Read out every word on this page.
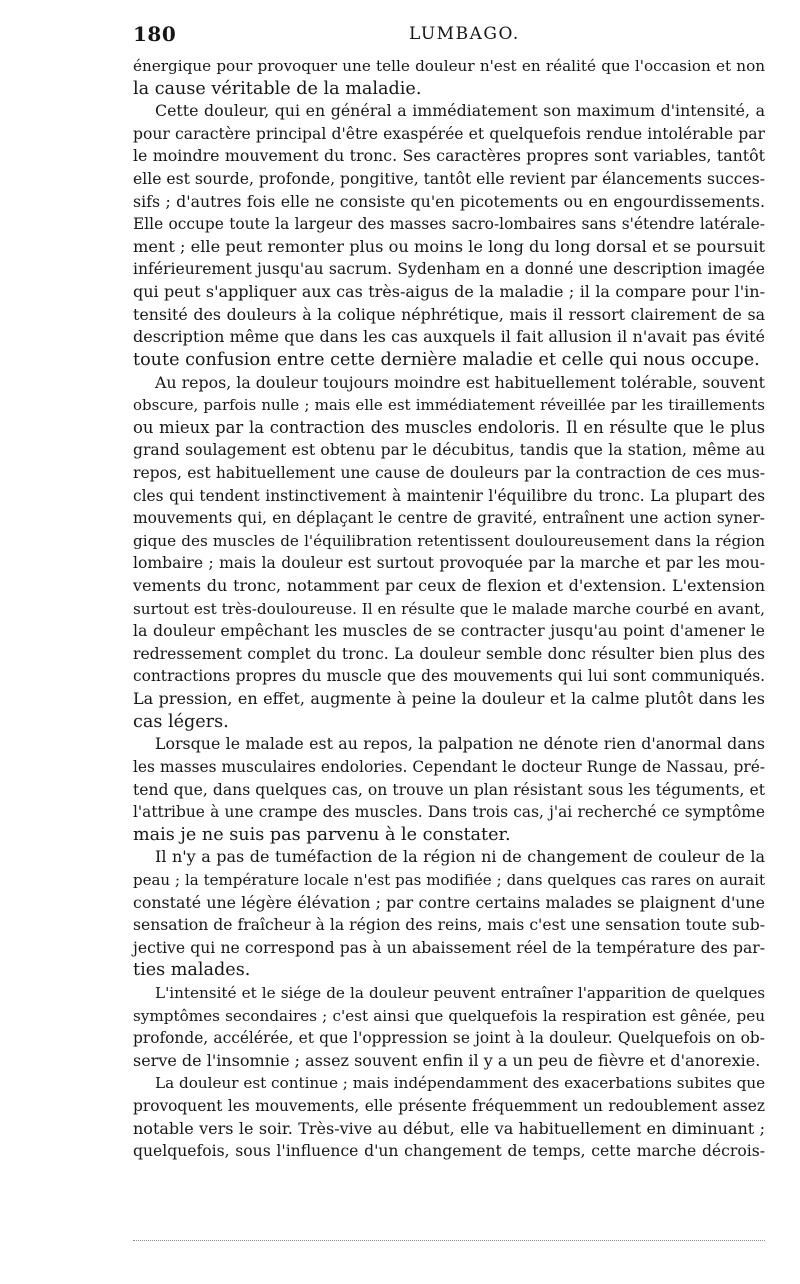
180	LUMBAGO.
énergique pour provoquer une telle douleur n'est en réalité que l'occasion et non
la cause véritable de la maladie.
Cette douleur, qui en général a immédiatement son maximum d'intensité, a
pour caractère principal d'être exaspérée et quelquefois rendue intolérable par
le moindre mouvement du tronc. Ses caractères propres sont variables, tantôt
elle est sourde, profonde, pongitive, tantôt elle revient par élancements succes-
sifs ; d'autres fois elle ne consiste qu'en picotements ou en engourdissements.
Elle occupe toute la largeur des masses sacro-lombaires sans s'étendre latérale-
ment ; elle peut remonter plus ou moins le long du long dorsal et se poursuit
inférieurement jusqu'au sacrum. Sydenham en a donné une description imagée
qui peut s'appliquer aux cas très-aigus de la maladie ; il la compare pour l'in-
tensité des douleurs à la colique néphrétique, mais il ressort clairement de sa
description même que dans les cas auxquels il fait allusion il n'avait pas évité
toute confusion entre cette dernière maladie et celle qui nous occupe.
Au repos, la douleur toujours moindre est habituellement tolérable, souvent
obscure, parfois nulle ; mais elle est immédiatement réveillée par les tiraillements
ou mieux par la contraction des muscles endoloris. Il en résulte que le plus
grand soulagement est obtenu par le décubitus, tandis que la station, même au
repos, est habituellement une cause de douleurs par la contraction de ces mus-
cles qui tendent instinctivement à maintenir l'équilibre du tronc. La plupart des
mouvements qui, en déplaçant le centre de gravité, entraînent une action syner-
gique des muscles de l'équilibration retentissent douloureusement dans la région
lombaire ; mais la douleur est surtout provoquée par la marche et par les mou-
vements du tronc, notamment par ceux de flexion et d'extension. L'extension
surtout est très-douloureuse. Il en résulte que le malade marche courbé en avant,
la douleur empêchant les muscles de se contracter jusqu'au point d'amener le
redressement complet du tronc. La douleur semble donc résulter bien plus des
contractions propres du muscle que des mouvements qui lui sont communiqués.
La pression, en effet, augmente à peine la douleur et la calme plutôt dans les
cas légers.
Lorsque le malade est au repos, la palpation ne dénote rien d'anormal dans
les masses musculaires endolories. Cependant le docteur Runge de Nassau, pré-
tend que, dans quelques cas, on trouve un plan résistant sous les téguments, et
l'attribue à une crampe des muscles. Dans trois cas, j'ai recherché ce symptôme
mais je ne suis pas parvenu à le constater.
Il n'y a pas de tuméfaction de la région ni de changement de couleur de la
peau ; la température locale n'est pas modifiée ; dans quelques cas rares on aurait
constaté une légère élévation ; par contre certains malades se plaignent d'une
sensation de fraîcheur à la région des reins, mais c'est une sensation toute sub-
jective qui ne correspond pas à un abaissement réel de la température des par-
ties malades.
L'intensité et le siége de la douleur peuvent entraîner l'apparition de quelques
symptômes secondaires ; c'est ainsi que quelquefois la respiration est gênée, peu
profonde, accélérée, et que l'oppression se joint à la douleur. Quelquefois on ob-
serve de l'insomnie ; assez souvent enfin il y a un peu de fièvre et d'anorexie.
La douleur est continue ; mais indépendamment des exacerbations subites que
provoquent les mouvements, elle présente fréquemment un redoublement assez
notable vers le soir. Très-vive au début, elle va habituellement en diminuant ;
quelquefois, sous l'influence d'un changement de temps, cette marche décrois-
